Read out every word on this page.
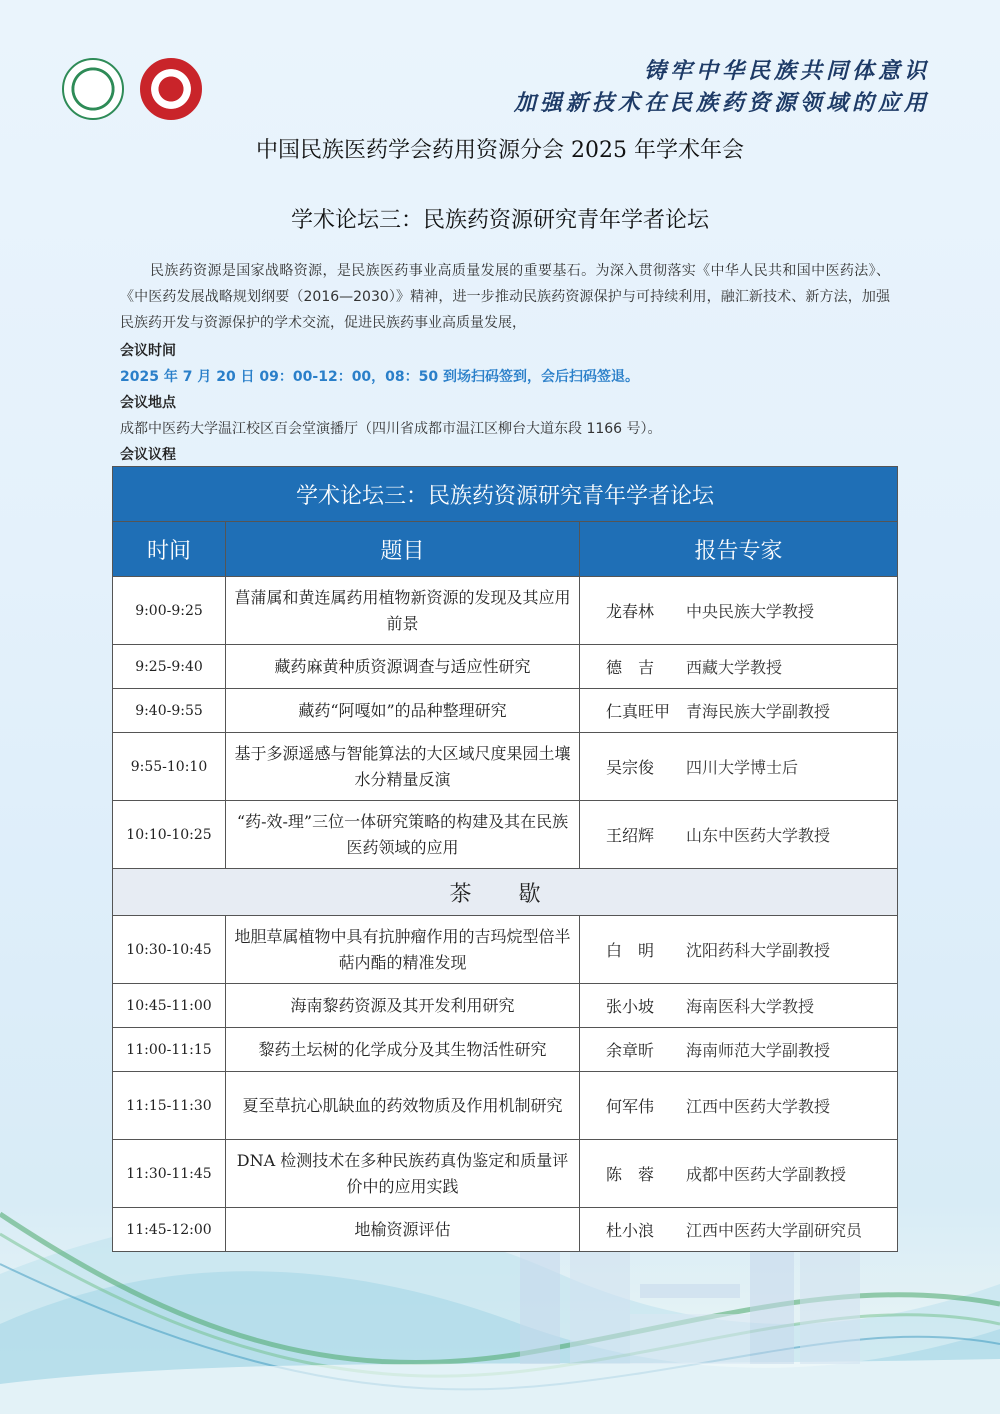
铸牢中华民族共同体意识
加强新技术在民族药资源领域的应用
中国民族医药学会药用资源分会 2025 年学术年会
学术论坛三：民族药资源研究青年学者论坛
民族药资源是国家战略资源，是民族医药事业高质量发展的重要基石。为深入贯彻落实《中华人民共和国中医药法》、《中医药发展战略规划纲要（2016—2030）》精神，进一步推动民族药资源保护与可持续利用，融汇新技术、新方法，加强民族药开发与资源保护的学术交流，促进民族药事业高质量发展，
会议时间
2025 年 7 月 20 日 09：00-12：00，08：50 到场扫码签到，会后扫码签退。
会议地点
成都中医药大学温江校区百会堂演播厅（四川省成都市温江区柳台大道东段 1166 号）。
会议议程
学术论坛三：民族药资源研究青年学者论坛		
时间	题目	报告专家
9:00-9:25	菖蒲属和黄连属药用植物新资源的发现及其应用前景	龙春林 中央民族大学教授
9:25-9:40	藏药麻黄种质资源调查与适应性研究	德　吉 西藏大学教授
9:40-9:55	藏药“阿嘎如”的品种整理研究	仁真旺甲 青海民族大学副教授
9:55-10:10	基于多源遥感与智能算法的大区域尺度果园土壤水分精量反演	吴宗俊 四川大学博士后
10:10-10:25	“药-效-理”三位一体研究策略的构建及其在民族医药领域的应用	王绍辉 山东中医药大学教授
茶 歇		
10:30-10:45	地胆草属植物中具有抗肿瘤作用的吉玛烷型倍半萜内酯的精准发现	白　明 沈阳药科大学副教授
10:45-11:00	海南黎药资源及其开发利用研究	张小坡 海南医科大学教授
11:00-11:15	黎药土坛树的化学成分及其生物活性研究	余章昕 海南师范大学副教授
11:15-11:30	夏至草抗心肌缺血的药效物质及作用机制研究	何军伟 江西中医药大学教授
11:30-11:45	DNA 检测技术在多种民族药真伪鉴定和质量评价中的应用实践	陈　蓉 成都中医药大学副教授
11:45-12:00	地榆资源评估	杜小浪 江西中医药大学副研究员
